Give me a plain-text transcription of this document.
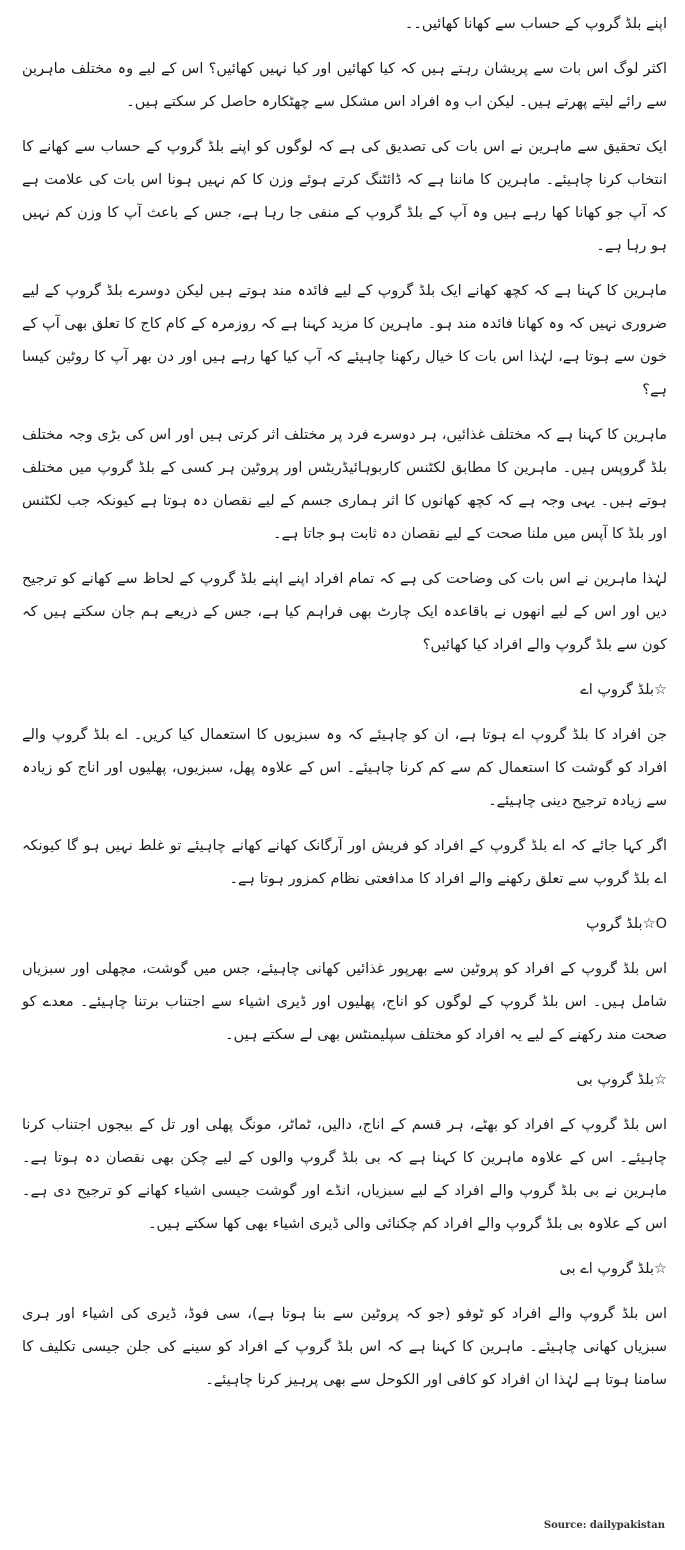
اپنے بلڈ گروپ کے حساب سے کھانا کھائیں۔۔

اکثر لوگ اس بات سے پریشان رہتے ہیں کہ کیا کھائیں اور کیا نہیں کھائیں؟ اس کے لیے وہ مختلف ماہرین سے رائے لیتے پھرتے ہیں۔ لیکن اب وہ افراد اس مشکل سے چھٹکارہ حاصل کر سکتے ہیں۔

ایک تحقیق سے ماہرین نے اس بات کی تصدیق کی ہے کہ لوگوں کو اپنے بلڈ گروپ کے حساب سے کھانے کا انتخاب کرنا چاہیئے۔ ماہرین کا ماننا ہے کہ ڈائٹنگ کرتے ہوئے وزن کا کم نہیں ہونا اس بات کی علامت ہے کہ آپ جو کھانا کھا رہے ہیں وہ آپ کے بلڈ گروپ کے منفی جا رہا ہے، جس کے باعث آپ کا وزن کم نہیں ہو رہا ہے۔

ماہرین کا کہنا ہے کہ کچھ کھانے ایک بلڈ گروپ کے لیے فائدہ مند ہوتے ہیں لیکن دوسرے بلڈ گروپ کے لیے ضروری نہیں کہ وہ کھانا فائدہ مند ہو۔ ماہرین کا مزید کہنا ہے کہ روزمرہ کے کام کاج کا تعلق بھی آپ کے خون سے ہوتا ہے، لہٰذا اس بات کا خیال رکھنا چاہیئے کہ آپ کیا کھا رہے ہیں اور دن بھر آپ کا روٹین کیسا ہے؟

ماہرین کا کہنا ہے کہ مختلف غذائیں، ہر دوسرے فرد پر مختلف اثر کرتی ہیں اور اس کی بڑی وجہ مختلف بلڈ گروپس ہیں۔ ماہرین کا مطابق لکٹنس کاربوہائیڈریٹس اور پروٹین ہر کسی کے بلڈ گروپ میں مختلف ہوتے ہیں۔ یہی وجہ ہے کہ کچھ کھانوں کا اثر ہماری جسم کے لیے نقصان دہ ہوتا ہے کیونکہ جب لکٹنس اور بلڈ کا آپس میں ملنا صحت کے لیے نقصان دہ ثابت ہو جاتا ہے۔

لہٰذا ماہرین نے اس بات کی وضاحت کی ہے کہ تمام افراد اپنے اپنے بلڈ گروپ کے لحاظ سے کھانے کو ترجیح دیں اور اس کے لیے انھوں نے باقاعدہ ایک چارٹ بھی فراہم کیا ہے، جس کے ذریعے ہم جان سکتے ہیں کہ کون سے بلڈ گروپ والے افراد کیا کھائیں؟

☆بلڈ گروپ اے

جن افراد کا بلڈ گروپ اے ہوتا ہے، ان کو چاہیئے کہ وہ سبزیوں کا استعمال کیا کریں۔ اے بلڈ گروپ والے افراد کو گوشت کا استعمال کم سے کم کرنا چاہیئے۔ اس کے علاوہ پھل، سبزیوں، پھلیوں اور اناج کو زیادہ سے زیادہ ترجیح دینی چاہیئے۔

اگر کہا جائے کہ اے بلڈ گروپ کے افراد کو فریش اور آرگانک کھانے کھانے چاہیئے تو غلط نہیں ہو گا کیونکہ اے بلڈ گروپ سے تعلق رکھنے والے افراد کا مدافعتی نظام کمزور ہوتا ہے۔

O☆بلڈ گروپ

اس بلڈ گروپ کے افراد کو پروٹین سے بھرپور غذائیں کھانی چاہیئے، جس میں گوشت، مچھلی اور سبزیاں شامل ہیں۔ اس بلڈ گروپ کے لوگوں کو اناج، پھلیوں اور ڈیری اشیاء سے اجتناب برتنا چاہیئے۔ معدے کو صحت مند رکھنے کے لیے یہ افراد کو مختلف سپلیمنٹس بھی لے سکتے ہیں۔

☆بلڈ گروپ بی

اس بلڈ گروپ کے افراد کو بھٹے، ہر قسم کے اناج، دالیں، ٹماٹر، مونگ پھلی اور تل کے بیجوں اجتناب کرنا چاہیئے۔ اس کے علاوہ ماہرین کا کہنا ہے کہ بی بلڈ گروپ والوں کے لیے چکن بھی نقصان دہ ہوتا ہے۔ ماہرین نے بی بلڈ گروپ والے افراد کے لیے سبزیاں، انڈے اور گوشت جیسی اشیاء کھانے کو ترجیح دی ہے۔ اس کے علاوہ بی بلڈ گروپ والے افراد کم چکنائی والی ڈیری اشیاء بھی کھا سکتے ہیں۔

☆بلڈ گروپ اے بی

اس بلڈ گروپ والے افراد کو ٹوفو (جو کہ پروٹین سے بنا ہوتا ہے)، سی فوڈ، ڈیری کی اشیاء اور ہری سبزیاں کھانی چاہیئے۔ ماہرین کا کہنا ہے کہ اس بلڈ گروپ کے افراد کو سینے کی جلن جیسی تکلیف کا سامنا ہوتا ہے لہٰذا ان افراد کو کافی اور الکوحل سے بھی پرہیز کرنا چاہیئے۔

Source: dailypakistan
